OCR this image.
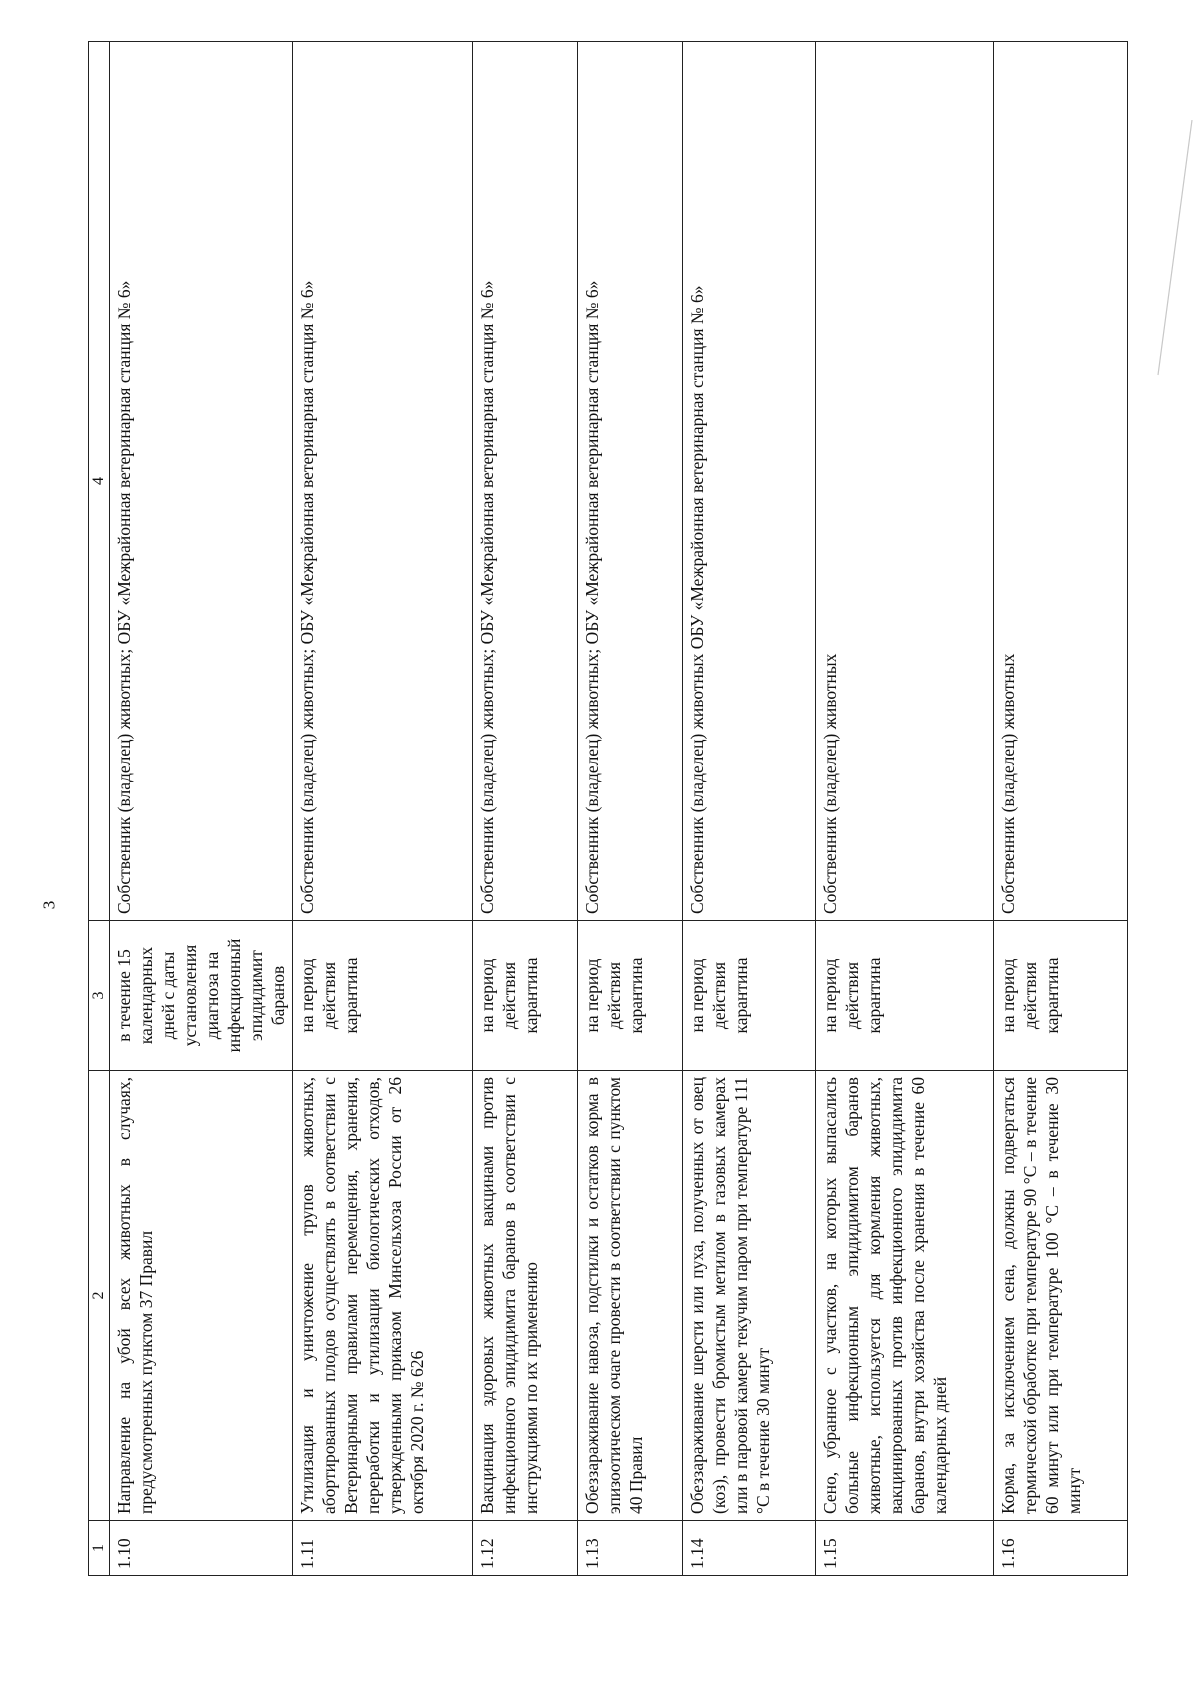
3
1	2	3	4
1.10	Направление на убой всех животных в случаях, предусмотренных пунктом 37 Правил	в течение 15 календарных дней с даты установления диагноза на инфекционный эпидидимит баранов	Собственник (владелец) животных; ОБУ «Межрайонная ветеринарная станция № 6»
1.11	Утилизация и уничтожение трупов животных, абортированных плодов осуществлять в соответствии с Ветеринарными правилами перемещения, хранения, переработки и утилизации биологических отходов, утвержденными приказом Минсельхоза России от 26 октября 2020 г. № 626	на период действия карантина	Собственник (владелец) животных; ОБУ «Межрайонная ветеринарная станция № 6»
1.12	Вакцинация здоровых животных вакцинами против инфекционного эпидидимита баранов в соответствии с инструкциями по их применению	на период действия карантина	Собственник (владелец) животных; ОБУ «Межрайонная ветеринарная станция № 6»
1.13	Обеззараживание навоза, подстилки и остатков корма в эпизоотическом очаге провести в соответствии с пунктом 40 Правил	на период действия карантина	Собственник (владелец) животных; ОБУ «Межрайонная ветеринарная станция № 6»
1.14	Обеззараживание шерсти или пуха, полученных от овец (коз), провести бромистым метилом в газовых камерах или в паровой камере текучим паром при температуре 111 °С в течение 30 минут	на период действия карантина	Собственник (владелец) животных ОБУ «Межрайонная ветеринарная станция № 6»
1.15	Сено, убранное с участков, на которых выпасались больные инфекционным эпидидимитом баранов животные, используется для кормления животных, вакцинированных против инфекционного эпидидимита баранов, внутри хозяйства после хранения в течение 60 календарных дней	на период действия карантина	Собственник (владелец) животных
1.16	Корма, за исключением сена, должны подвергаться термической обработке при температуре 90 °С – в течение 60 минут или при температуре 100 °С – в течение 30 минут	на период действия карантина	Собственник (владелец) животных
